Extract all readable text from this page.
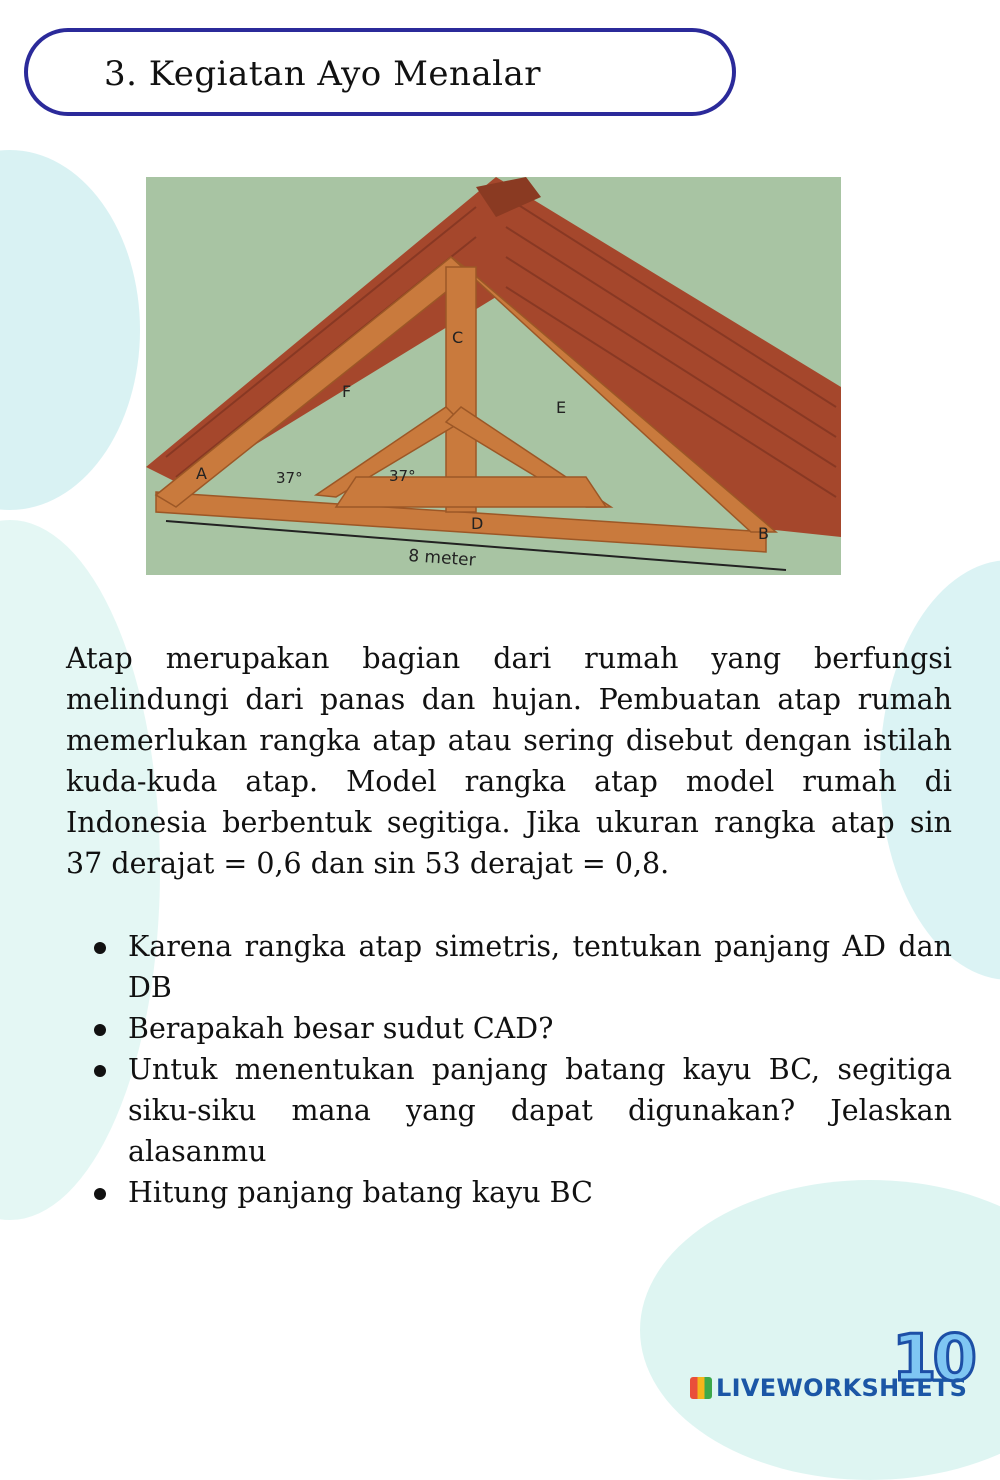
3. Kegiatan Ayo Menalar
A
B
C
D
E
F
37°	37°
8 meter
Atap merupakan bagian dari rumah yang berfungsi melindungi dari panas dan hujan. Pembuatan atap rumah memerlukan rangka atap atau sering disebut dengan istilah kuda-kuda atap. Model rangka atap model rumah di Indonesia berbentuk segitiga. Jika ukuran rangka atap sin 37 derajat = 0,6 dan sin 53 derajat = 0,8.
Karena rangka atap simetris, tentukan panjang AD dan DB
Berapakah besar sudut CAD?
Untuk menentukan panjang batang kayu BC, segitiga siku-siku mana yang dapat digunakan? Jelaskan alasanmu
Hitung panjang batang kayu BC
10
LIVEWORKSHEETS
